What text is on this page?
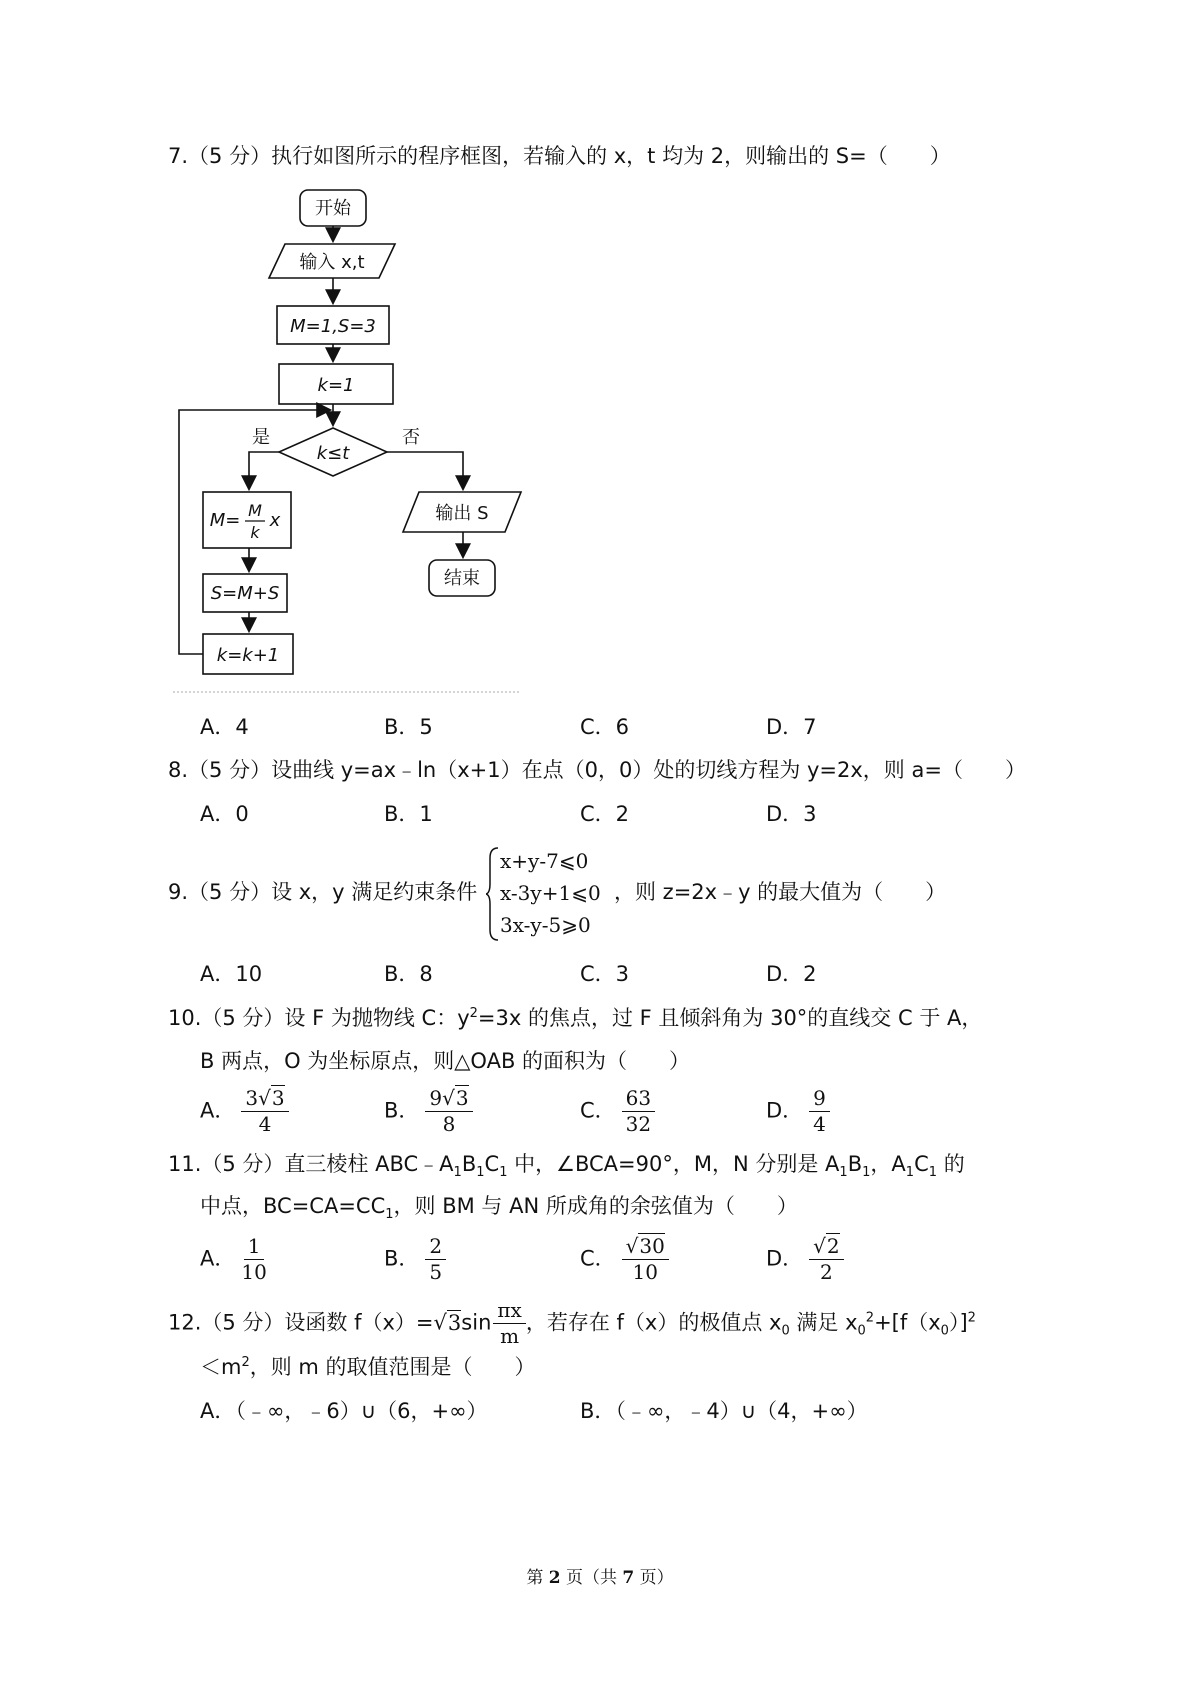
7.（5 分）执行如图所示的程序框图，若输入的 x，t 均为 2，则输出的 S=（　　）
开始
输入 x,t
M=1,S=3
k=1
k≤t
是	否
M= M
k
x
S=M+S
k=k+1
输出 S
结束
A．4	B．5	C．6	D．7
8.（5 分）设曲线 y=ax﹣ln（x+1）在点（0，0）处的切线方程为 y=2x，则 a=（　　）
A．0	B．1	C．2	D．3
9.（5 分）设 x，y 满足约束条件
x+y-7⩽0
x-3y+1⩽0
3x-y-5⩾0
，则 z=2x﹣y 的最大值为（　　）
A．10	B．8	C．3	D．2
10.（5 分）设 F 为抛物线 C：$y^2=3x$ 的焦点，过 F 且倾斜角为 30°的直线交 C 于 A，
B 两点，O 为坐标原点，则△OAB 的面积为（　　）
A． $\frac{3√3}{4}$	B． $\frac{9√3}{8}$	C． $\frac{63}{32}$	D． $\frac{9}{4}$
11.（5 分）直三棱柱 $ABC﹣A_1B_1C_1$ 中，∠BCA=90°，M，N 分别是 $A_1B_1$，$A_1C_1$ 的
中点，$BC=CA=CC_1$，则 BM 与 AN 所成角的余弦值为（　　）
A． $\frac{1}{10}$	B． $\frac{2}{5}$	C． $\frac{√30}{10}$	D． $\frac{√2}{2}$
12.（5 分）设函数 $f(x)=√3\sin \frac{\pi x}{m}$ ，若存在 f（x）的极值点 $x_0$ 满足 $x_0^2+[f(x_0)]^2$
$<m^2$，则 m 的取值范围是（　　）
A．（﹣∞，﹣6）∪（6，+∞）	B．（﹣∞，﹣4）∪（4，+∞）
第 2 页（共 7 页）
